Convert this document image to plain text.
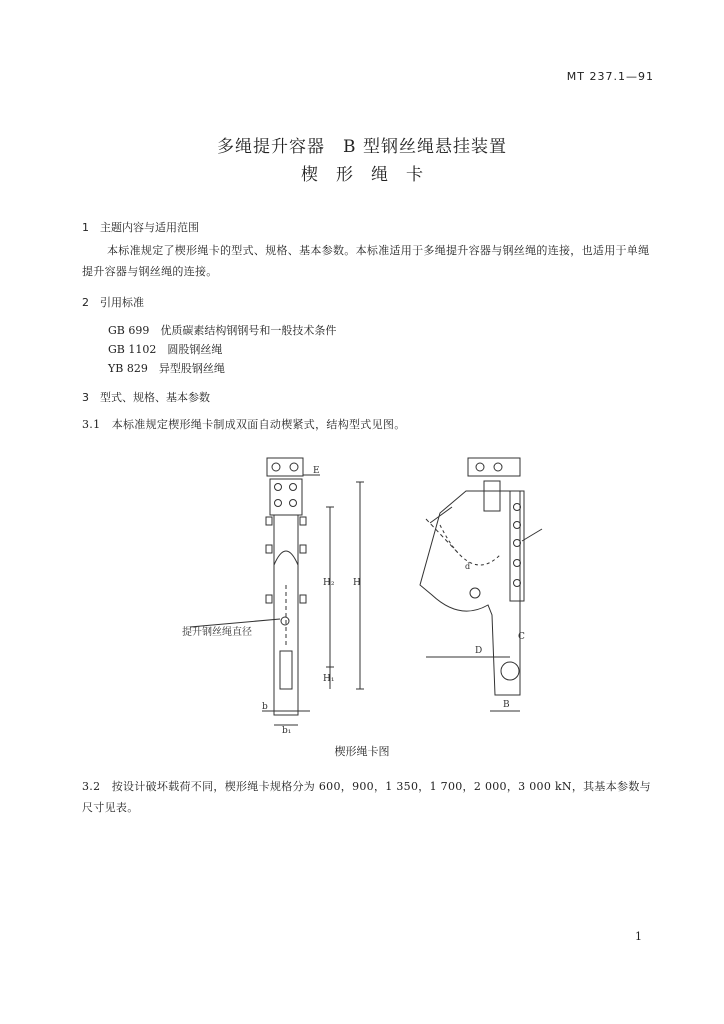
MT 237.1—91
多绳提升容器　B 型钢丝绳悬挂装置
楔形绳卡
1　主题内容与适用范围
本标准规定了楔形绳卡的型式、规格、基本参数。本标准适用于多绳提升容器与钢丝绳的连接，也适用于单绳提升容器与钢丝绳的连接。
2　引用标准
GB 699　优质碳素结构钢钢号和一般技术条件
GB 1102　圆股钢丝绳
YB 829　异型股钢丝绳
3　型式、规格、基本参数
3.1　本标准规定楔形绳卡制成双面自动楔紧式，结构型式见图。
E
H
H₂
H₁
b
b₁
提升钢丝绳直径
D
B
C
d
楔形绳卡图
3.2　按设计破坏载荷不同，楔形绳卡规格分为 600，900，1 350，1 700，2 000，3 000 kN，其基本参数与尺寸见表。
1
